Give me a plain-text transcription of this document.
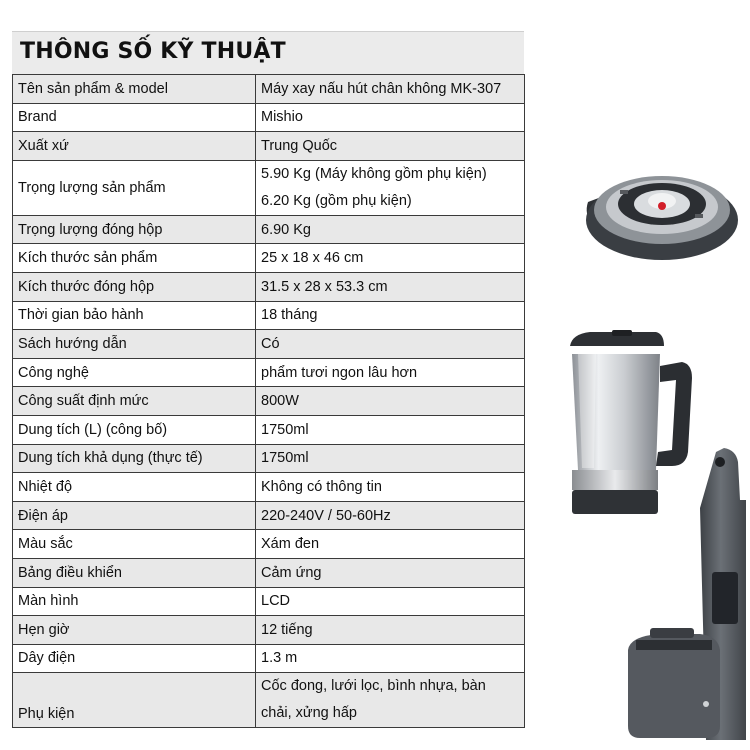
THÔNG SỐ KỸ THUẬT
Tên sản phẩm & model	Máy xay nấu hút chân không MK-307
Brand	Mishio
Xuất xứ	Trung Quốc
Trọng lượng sản phẩm	5.90 Kg (Máy không gồm phụ kiện)
6.20 Kg (gồm phụ kiện)

Trọng lượng đóng hộp	6.90 Kg
Kích thước sản phẩm	25 x 18 x 46 cm
Kích thước đóng hộp	31.5 x 28 x 53.3 cm
Thời gian bảo hành	18 tháng
Sách hướng dẫn	Có
Công nghệ	phẩm tươi ngon lâu hơn
Công suất định mức	800W
Dung tích (L) (công bố)	1750ml
Dung tích khả dụng (thực tế)	1750ml
Nhiệt độ	Không có thông tin
Điện áp	220-240V / 50-60Hz
Màu sắc	Xám đen
Bảng điều khiển	Cảm ứng
Màn hình	LCD
Hẹn giờ	12 tiếng
Dây điện	1.3 m
Phụ kiện	Cốc đong, lưới lọc, bình nhựa, bàn
chải, xửng hấp
